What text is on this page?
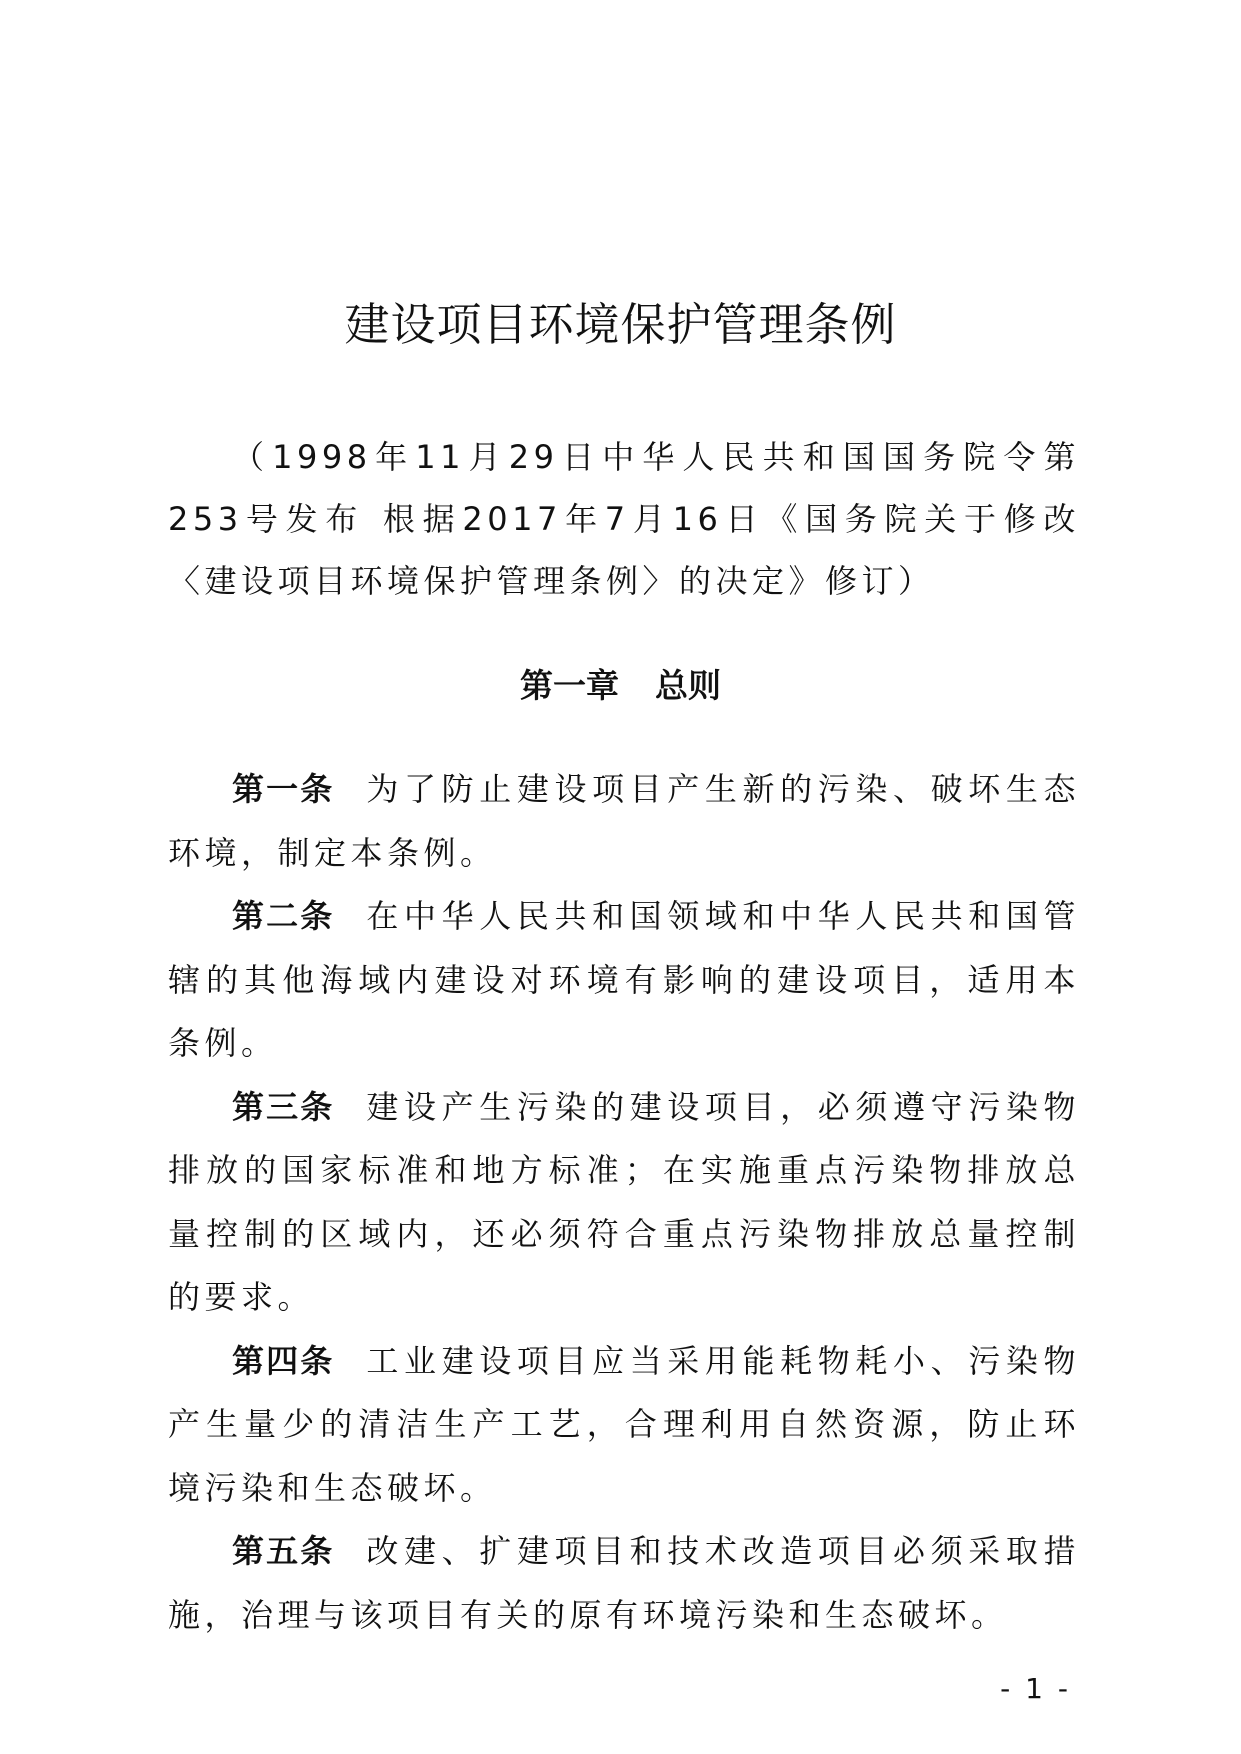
建设项目环境保护管理条例
（1998年11月29日中华人民共和国国务院令第253号发布 根据2017年7月16日《国务院关于修改〈建设项目环境保护管理条例〉的决定》修订）
第一章 总则

第一条 为了防止建设项目产生新的污染、破坏生态环境，制定本条例。

第二条 在中华人民共和国领域和中华人民共和国管辖的其他海域内建设对环境有影响的建设项目，适用本条例。

第三条 建设产生污染的建设项目，必须遵守污染物排放的国家标准和地方标准；在实施重点污染物排放总量控制的区域内，还必须符合重点污染物排放总量控制的要求。

第四条 工业建设项目应当采用能耗物耗小、污染物产生量少的清洁生产工艺，合理利用自然资源，防止环境污染和生态破坏。

第五条 改建、扩建项目和技术改造项目必须采取措施，治理与该项目有关的原有环境污染和生态破坏。

- 1 -
